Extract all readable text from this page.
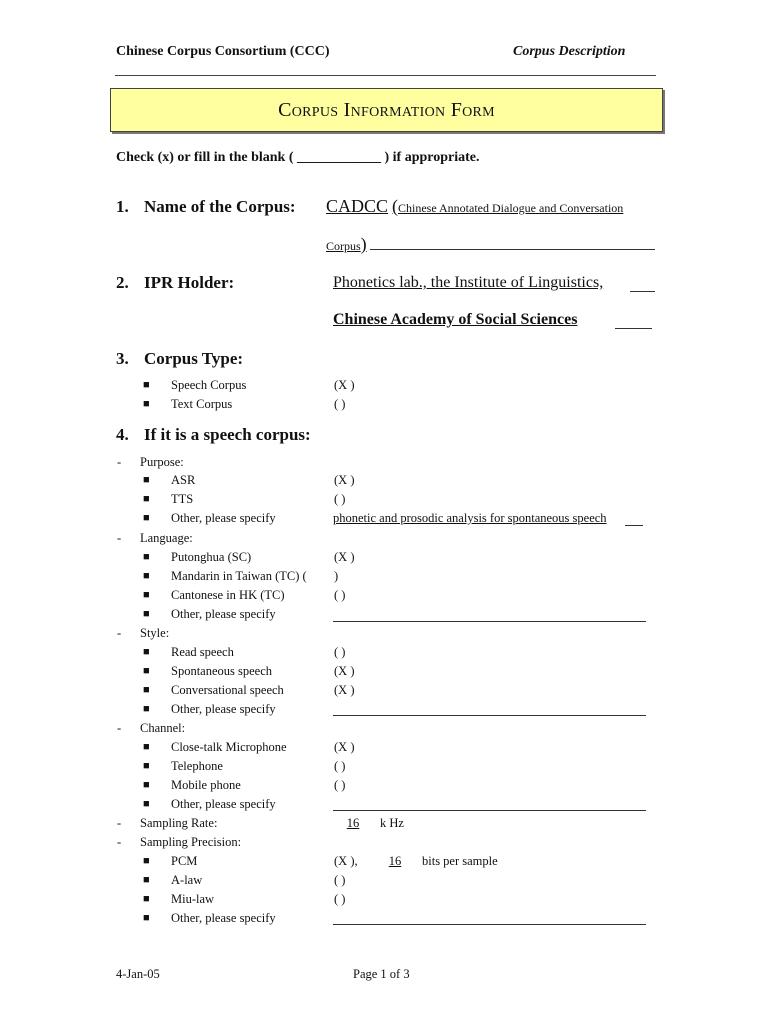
Chinese Corpus Consortium (CCC)	Corpus Description
Corpus Information Form
Check (x) or fill in the blank ( ____________ ) if appropriate.
1. Name of the Corpus: CADCC (Chinese Annotated Dialogue and Conversation
Corpus)
2. IPR Holder:	Phonetics lab., the Institute of Linguistics,
Chinese Academy of Social Sciences
3. Corpus Type:
■ Speech Corpus	(X )
■ Text Corpus	( )
4. If it is a speech corpus:
- Purpose:
■ ASR	(X )
■ TTS	( )
■ Other, please specify	phonetic and prosodic analysis for spontaneous speech
- Language:
■ Putonghua (SC)	(X )
■ Mandarin in Taiwan (TC) ( )
■ Cantonese in HK (TC)	( )
■ Other, please specify
- Style:
■ Read speech	( )
■ Spontaneous speech	(X )
■ Conversational speech	(X )
■ Other, please specify
- Channel:
■ Close-talk Microphone	(X )
■ Telephone	( )
■ Mobile phone	( )
■ Other, please specify
- Sampling Rate:	16	k Hz
- Sampling Precision:
■ PCM	(X ),	16	bits per sample
■ A-law	( )
■ Miu-law	( )
■ Other, please specify
4-Jan-05	Page 1 of 3
